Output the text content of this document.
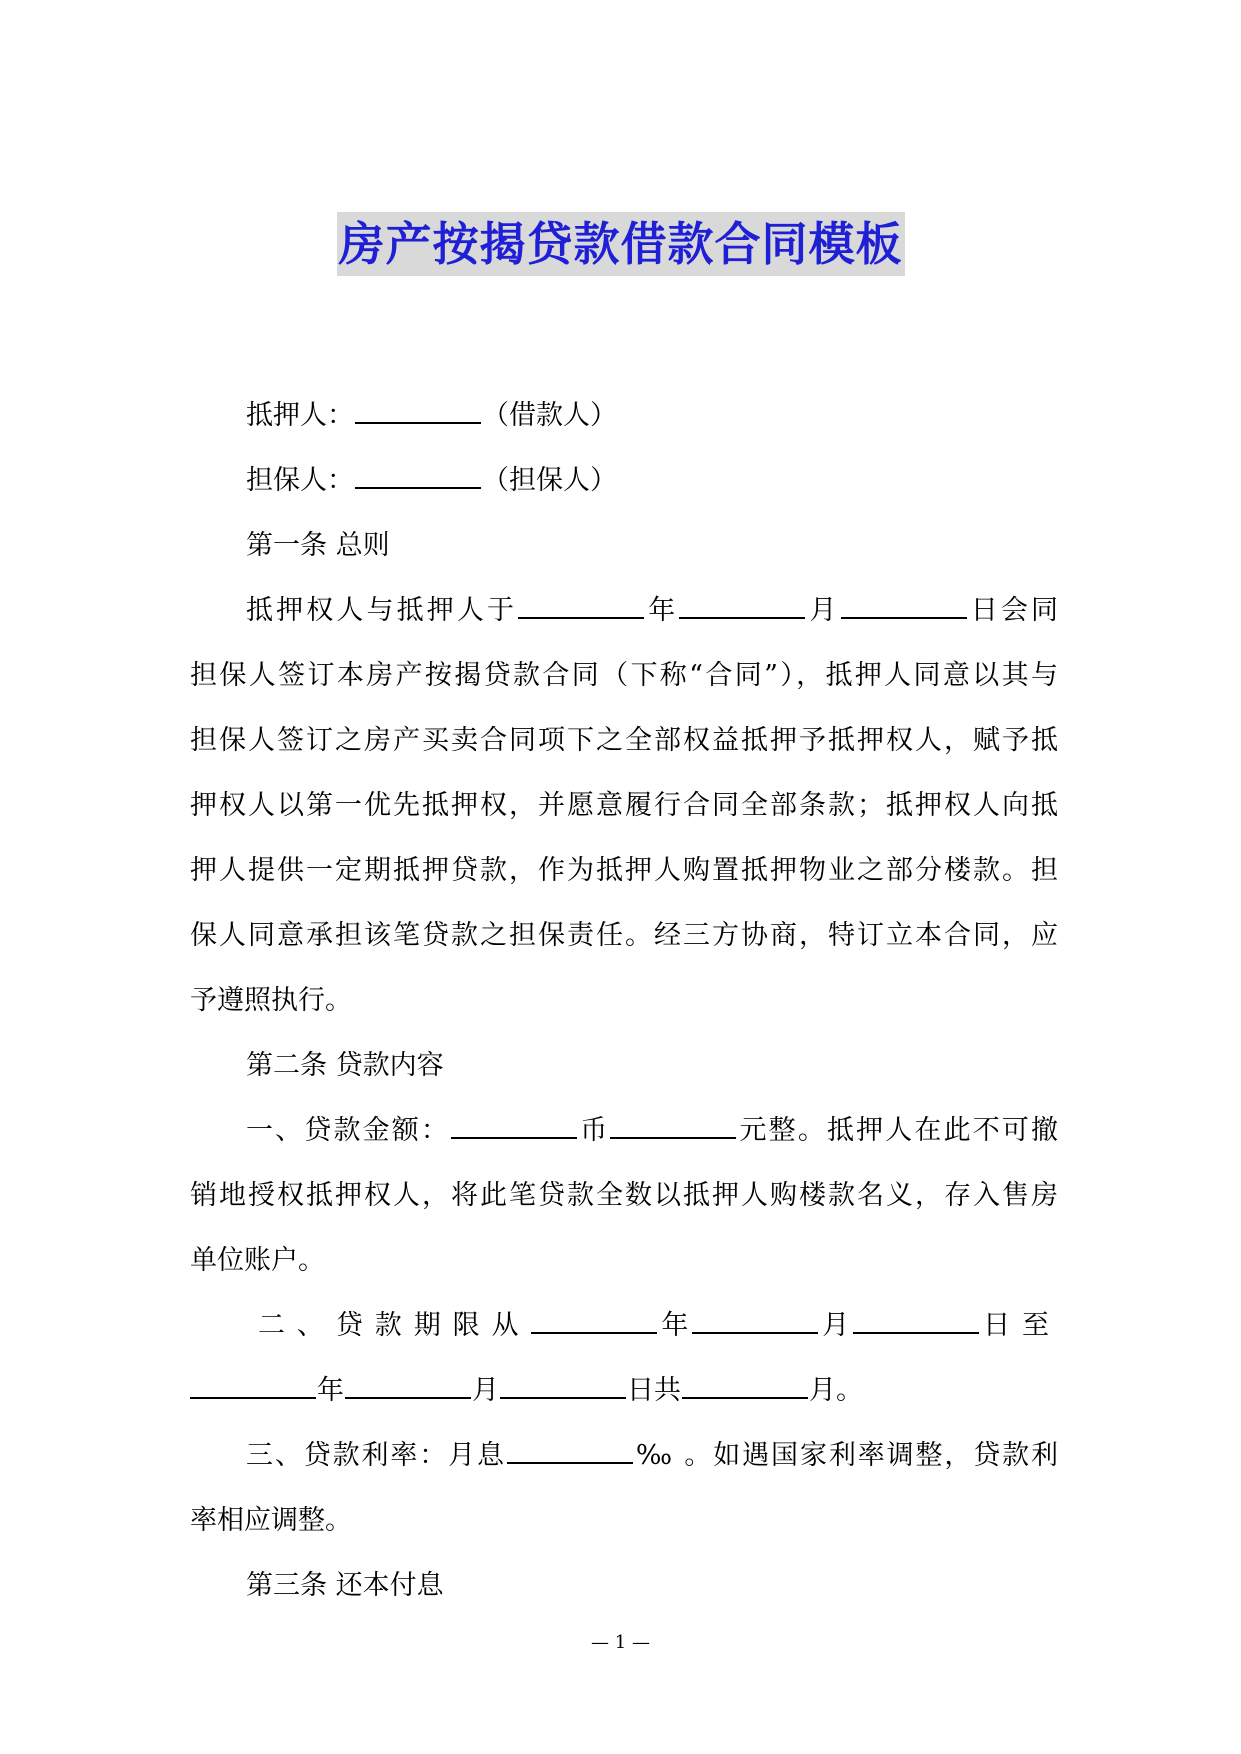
房产按揭贷款借款合同模板
抵押人：	（借款人）
担保人：	（担保人）
第一条 总则
抵押权人与抵押人于	年	月	日会同
担保人签订本房产按揭贷款合同（下称“合同”），抵押人同意以其与
担保人签订之房产买卖合同项下之全部权益抵押予抵押权人，赋予抵
押权人以第一优先抵押权，并愿意履行合同全部条款；抵押权人向抵
押人提供一定期抵押贷款，作为抵押人购置抵押物业之部分楼款。担
保人同意承担该笔贷款之担保责任。经三方协商，特订立本合同，应
予遵照执行。
第二条 贷款内容
一、贷款金额：	币	元整。抵押人在此不可撤
销地授权抵押权人，将此笔贷款全数以抵押人购楼款名义，存入售房
单位账户。
二、贷款期限从	年	月	日至
年	月	日共	月。
三、贷款利率：月息	‰ 。如遇国家利率调整，贷款利
率相应调整。
第三条 还本付息
— 1 —
